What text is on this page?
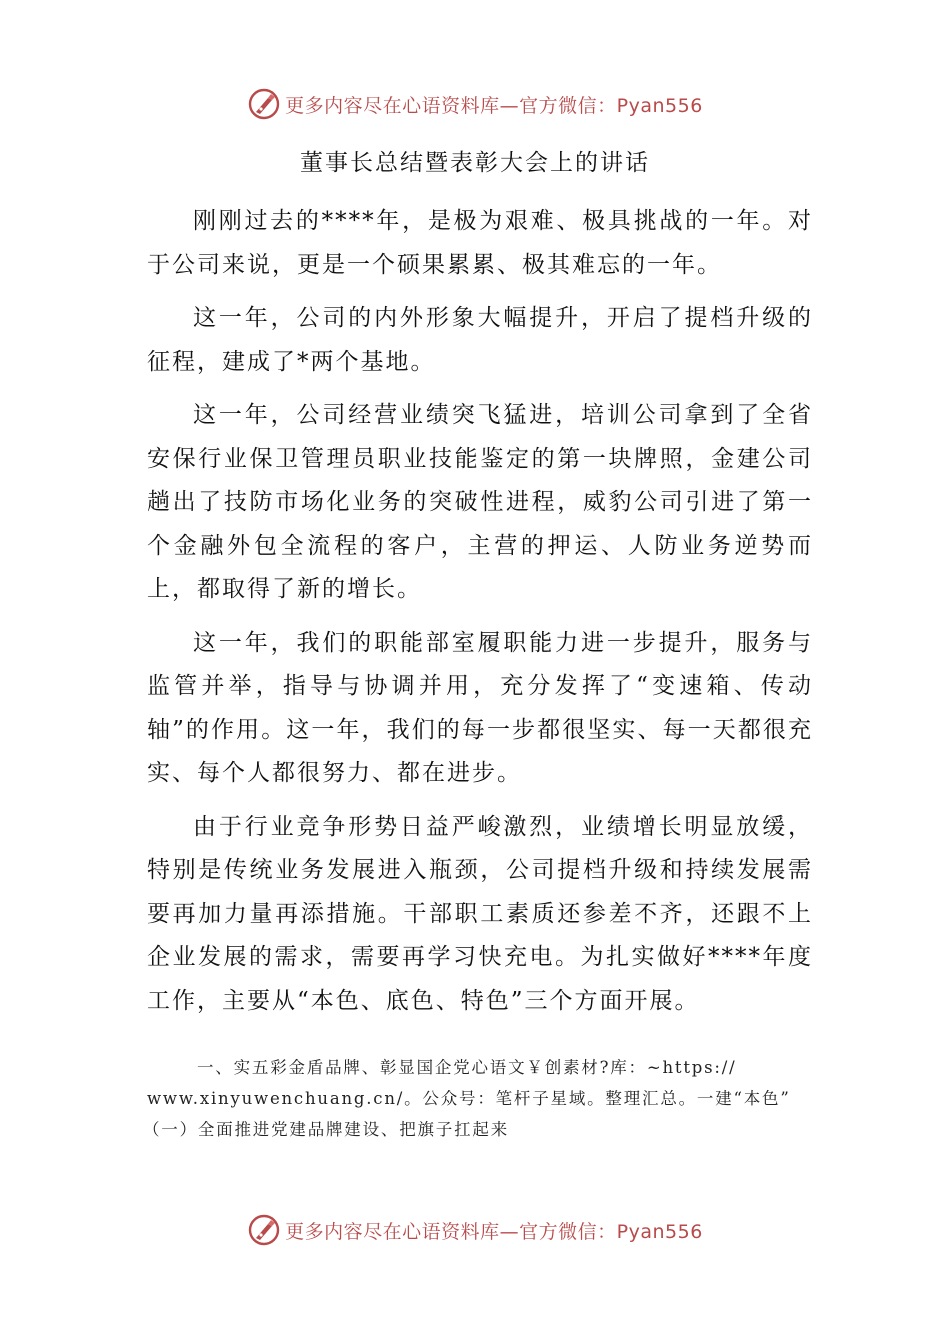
更多内容尽在心语资料库—官方微信：Pyan556
董事长总结暨表彰大会上的讲话

刚刚过去的****年，是极为艰难、极具挑战的一年。对于公司来说，更是一个硕果累累、极其难忘的一年。

这一年，公司的内外形象大幅提升，开启了提档升级的征程，建成了*两个基地。

这一年，公司经营业绩突飞猛进，培训公司拿到了全省安保行业保卫管理员职业技能鉴定的第一块牌照，金建公司趟出了技防市场化业务的突破性进程，威豹公司引进了第一个金融外包全流程的客户，主营的押运、人防业务逆势而上，都取得了新的增长。

这一年，我们的职能部室履职能力进一步提升，服务与监管并举，指导与协调并用，充分发挥了“变速箱、传动轴”的作用。这一年，我们的每一步都很坚实、每一天都很充实、每个人都很努力、都在进步。

由于行业竞争形势日益严峻激烈，业绩增长明显放缓，特别是传统业务发展进入瓶颈，公司提档升级和持续发展需要再加力量再添措施。干部职工素质还参差不齐，还跟不上企业发展的需求，需要再学习快充电。为扎实做好****年度工作，主要从“本色、底色、特色”三个方面开展。

一、实五彩金盾品牌、彰显国企党心语文￥创素材?库：~https://
www.xinyuwenchuang.cn/。公众号：笔杆子星域。整理汇总。一建“本色”
（一）全面推进党建品牌建设、把旗子扛起来
更多内容尽在心语资料库—官方微信：Pyan556
